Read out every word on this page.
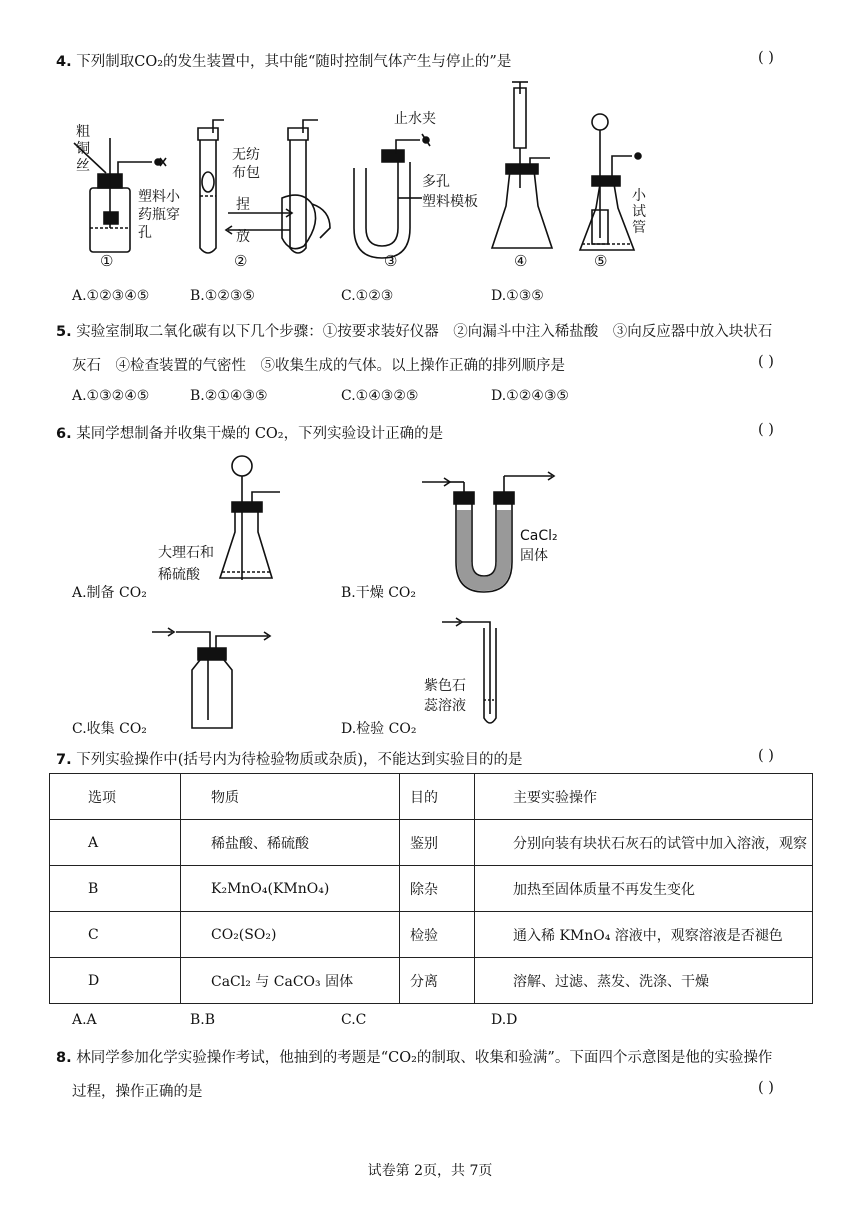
4. 下列制取CO₂的发生装置中，其中能“随时控制气体产生与停止的”是	( )
粗
铜
丝
塑料小
药瓶穿
孔
无纺
布包
捏
放
止水夹
多孔
塑料模板	小
试
管
①	②	③	④	⑤
A.①②③④⑤	B.①②③⑤	C.①②③	D.①③⑤
5. 实验室制取二氧化碳有以下几个步骤：①按要求装好仪器　②向漏斗中注入稀盐酸　③向反应器中放入块状石
灰石　④检查装置的气密性　⑤收集生成的气体。以上操作正确的排列顺序是	( )
A.①③②④⑤	B.②①④③⑤	C.①④③②⑤	D.①②④③⑤
6. 某同学想制备并收集干燥的 CO₂，下列实验设计正确的是	( )
大理石和
稀硫酸
CaCl₂
固体
A.制备 CO₂	B.干燥 CO₂
紫色石
蕊溶液
C.收集 CO₂	D.检验 CO₂
7. 下列实验操作中(括号内为待检验物质或杂质)，不能达到实验目的的是	( )
选项	物质	目的	主要实验操作
A	稀盐酸、稀硫酸	鉴别	分别向装有块状石灰石的试管中加入溶液，观察
B	K₂MnO₄(KMnO₄)	除杂	加热至固体质量不再发生变化
C	CO₂(SO₂)	检验	通入稀 KMnO₄ 溶液中，观察溶液是否褪色
D	CaCl₂ 与 CaCO₃ 固体	分离	溶解、过滤、蒸发、洗涤、干燥
A.A	B.B	C.C	D.D
8. 林同学参加化学实验操作考试，他抽到的考题是“CO₂的制取、收集和验满”。下面四个示意图是他的实验操作
过程，操作正确的是	( )
试卷第 2页，共 7页
